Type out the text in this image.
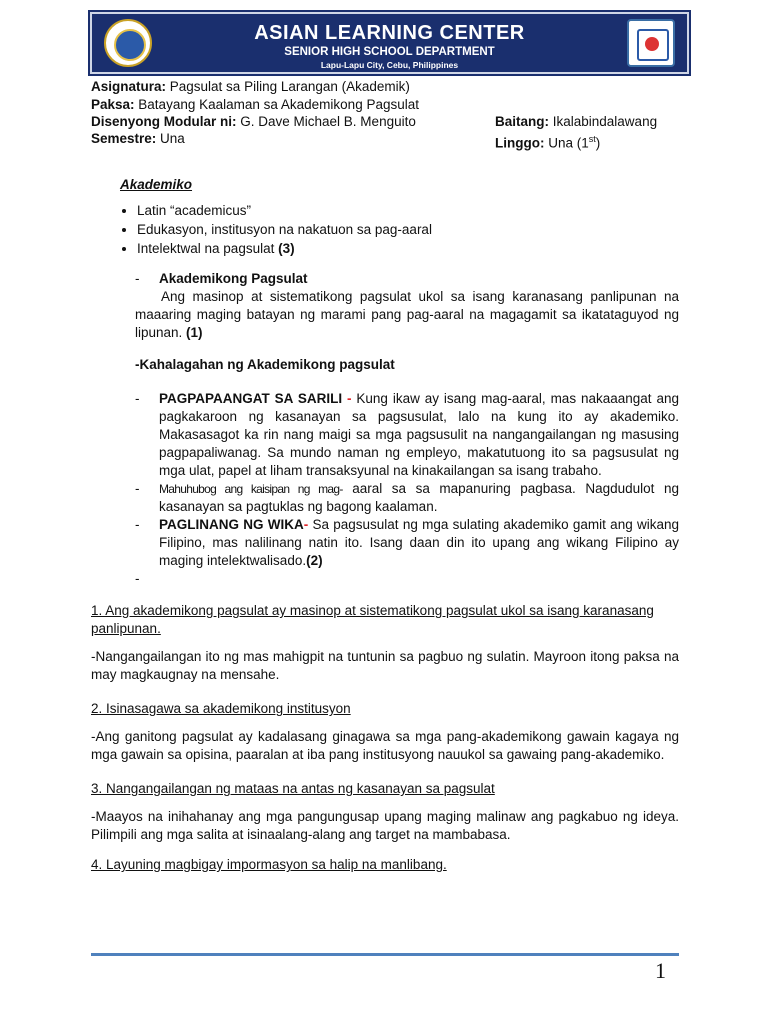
ASIAN LEARNING CENTER
SENIOR HIGH SCHOOL DEPARTMENT
Lapu-Lapu City, Cebu, Philippines
Asignatura: Pagsulat sa Piling Larangan (Akademik)
Paksa: Batayang Kaalaman sa Akademikong Pagsulat
Disenyong Modular ni: G. Dave Michael B. Menguito
Semestre: Una
Baitang: Ikalabindalawang
Linggo: Una (1st)

Akademiko

• Latin “academicus”
• Edukasyon, institusyon na nakatuon sa pag-aaral
• Intelektwal na pagsulat (3)
- Akademikong Pagsulat

Ang masinop at sistematikong pagsulat ukol sa isang karanasang panlipunan na maaaring maging batayan ng marami pang pag-aaral na magagamit sa ikatataguyod ng lipunan. (1)

-Kahalagahan ng Akademikong pagsulat

- PAGPAPAANGAT SA SARILI - Kung ikaw ay isang mag-aaral, mas nakaaangat ang pagkakaroon ng kasanayan sa pagsusulat, lalo na kung ito ay akademiko. Makasasagot ka rin nang maigi sa mga pagsusulit na nangangailangan ng masusing pagpapaliwanag. Sa mundo naman ng empleyo, makatutuong ito sa pagsusulat ng mga ulat, papel at liham transaksyunal na kinakailangan sa isang trabaho.

- Mahuhubog ang kaisipan ng mag- aaral sa sa mapanuring pagbasa. Nagdudulot ng kasanayan sa pagtuklas ng bagong kaalaman.

- PAGLINANG NG WIKA- Sa pagsusulat ng mga sulating akademiko gamit ang wikang Filipino, mas nalilinang natin ito. Isang daan din ito upang ang wikang Filipino ay maging intelektwalisado.(2)

-

1. Ang akademikong pagsulat ay masinop at sistematikong pagsulat ukol sa isang karanasang panlipunan.

-Nangangailangan ito ng mas mahigpit na tuntunin sa pagbuo ng sulatin. Mayroon itong paksa na may magkaugnay na mensahe.

2. Isinasagawa sa akademikong institusyon

-Ang ganitong pagsulat ay kadalasang ginagawa sa mga pang-akademikong gawain kagaya ng mga gawain sa opisina, paaralan at iba pang institusyong nauukol sa gawaing pang-akademiko.

3. Nangangailangan ng mataas na antas ng kasanayan sa pagsulat

-Maayos na inihahanay ang mga pangungusap upang maging malinaw ang pagkabuo ng ideya. Pilimpili ang mga salita at isinaalang-alang ang target na mambabasa.

4. Layuning magbigay impormasyon sa halip na manlibang.

1
